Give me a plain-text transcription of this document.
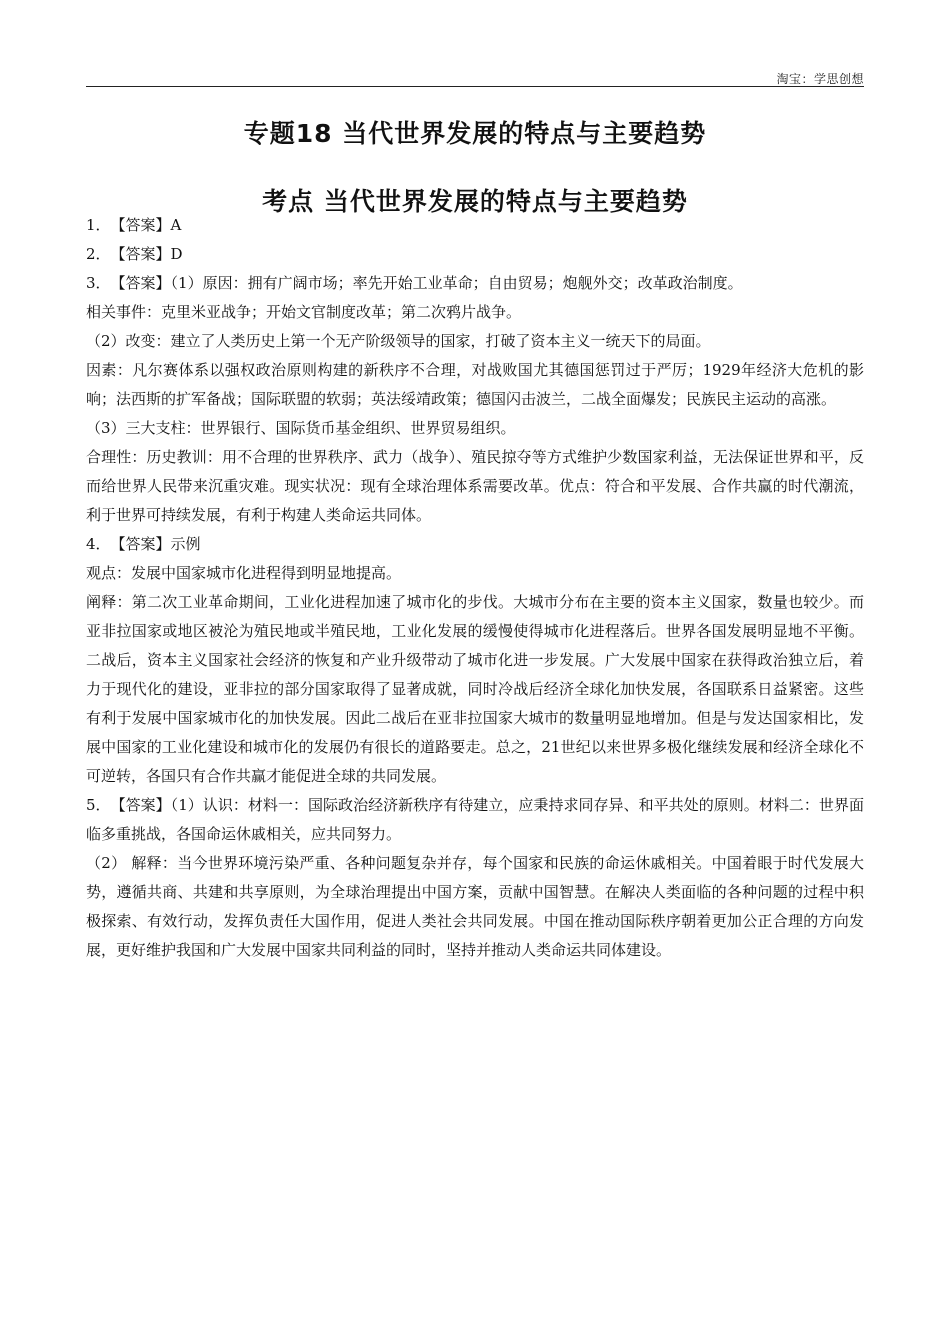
淘宝：学思创想
专题18 当代世界发展的特点与主要趋势
考点 当代世界发展的特点与主要趋势

1．【答案】A

2．【答案】D

3．【答案】（1）原因：拥有广阔市场；率先开始工业革命；自由贸易；炮舰外交；改革政治制度。

相关事件：克里米亚战争；开始文官制度改革；第二次鸦片战争。

（2）改变：建立了人类历史上第一个无产阶级领导的国家，打破了资本主义一统天下的局面。

因素：凡尔赛体系以强权政治原则构建的新秩序不合理，对战败国尤其德国惩罚过于严厉；1929年经济大危机的影响；法西斯的扩军备战；国际联盟的软弱；英法绥靖政策；德国闪击波兰，二战全面爆发；民族民主运动的高涨。

（3）三大支柱：世界银行、国际货币基金组织、世界贸易组织。

合理性：历史教训：用不合理的世界秩序、武力（战争）、殖民掠夺等方式维护少数国家利益，无法保证世界和平，反而给世界人民带来沉重灾难。现实状况：现有全球治理体系需要改革。优点：符合和平发展、合作共赢的时代潮流，利于世界可持续发展，有利于构建人类命运共同体。

4．【答案】示例

观点：发展中国家城市化进程得到明显地提高。

阐释：第二次工业革命期间，工业化进程加速了城市化的步伐。大城市分布在主要的资本主义国家，数量也较少。而亚非拉国家或地区被沦为殖民地或半殖民地，工业化发展的缓慢使得城市化进程落后。世界各国发展明显地不平衡。二战后，资本主义国家社会经济的恢复和产业升级带动了城市化进一步发展。广大发展中国家在获得政治独立后，着力于现代化的建设，亚非拉的部分国家取得了显著成就，同时冷战后经济全球化加快发展，各国联系日益紧密。这些有利于发展中国家城市化的加快发展。因此二战后在亚非拉国家大城市的数量明显地增加。但是与发达国家相比，发展中国家的工业化建设和城市化的发展仍有很长的道路要走。总之，21世纪以来世界多极化继续发展和经济全球化不可逆转，各国只有合作共赢才能促进全球的共同发展。

5．【答案】（1）认识：材料一：国际政治经济新秩序有待建立，应秉持求同存异、和平共处的原则。材料二：世界面临多重挑战，各国命运休戚相关，应共同努力。

（2） 解释：当今世界环境污染严重、各种问题复杂并存，每个国家和民族的命运休戚相关。中国着眼于时代发展大势，遵循共商、共建和共享原则，为全球治理提出中国方案，贡献中国智慧。在解决人类面临的各种问题的过程中积极探索、有效行动，发挥负责任大国作用，促进人类社会共同发展。中国在推动国际秩序朝着更加公正合理的方向发展，更好维护我国和广大发展中国家共同利益的同时，坚持并推动人类命运共同体建设。
